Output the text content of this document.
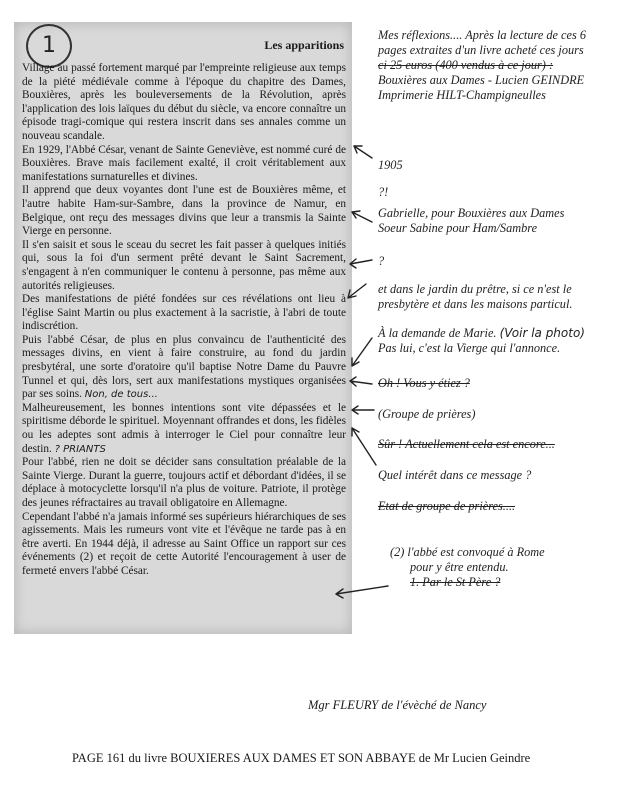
1	Les apparitions

Village au passé fortement marqué par l'empreinte religieuse aux temps de la piété médiévale comme à l'époque du chapitre des Dames, Bouxières, après les bouleversements de la Révolution, après l'application des lois laïques du début du siècle, va encore connaître un épisode tragi-comique qui restera inscrit dans ses annales comme un nouveau scandale.

En 1929, l'Abbé César, venant de Sainte Geneviève, est nommé curé de Bouxières. Brave mais facilement exalté, il croit véritablement aux manifestations surnaturelles et divines.

Il apprend que deux voyantes dont l'une est de Bouxières même, et l'autre habite Ham-sur-Sambre, dans la province de Namur, en Belgique, ont reçu des messages divins que leur a transmis la Sainte Vierge en personne.

Il s'en saisit et sous le sceau du secret les fait passer à quelques initiés qui, sous la foi d'un serment prêté devant le Saint Sacrement, s'engagent à n'en communiquer le contenu à personne, pas même aux autorités religieuses.

Des manifestations de piété fondées sur ces révélations ont lieu à l'église Saint Martin ou plus exactement à la sacristie, à l'abri de toute indiscrétion.

Puis l'abbé César, de plus en plus convaincu de l'authenticité des messages divins, en vient à faire construire, au fond du jardin presbytéral, une sorte d'oratoire qu'il baptise Notre Dame du Pauvre Tunnel et qui, dès lors, sert aux manifestations mystiques organisées par ses soins. Non, de tous...

Malheureusement, les bonnes intentions sont vite dépassées et le spiritisme déborde le spirituel. Moyennant offrandes et dons, les fidèles ou les adeptes sont admis à interroger le Ciel pour connaître leur destin. ? PRIANTS

Pour l'abbé, rien ne doit se décider sans consultation préalable de la Sainte Vierge. Durant la guerre, toujours actif et débordant d'idées, il se déplace à motocyclette lorsqu'il n'a plus de voiture. Patriote, il protège des jeunes réfractaires au travail obligatoire en Allemagne.

Cependant l'abbé n'a jamais informé ses supérieurs hiérarchiques de ses agissements. Mais les rumeurs vont vite et l'évêque ne tarde pas à en être averti. En 1944 déjà, il adresse au Saint Office un rapport sur ces événements (2) et reçoit de cette Autorité l'encouragement à user de fermeté envers l'abbé César.

Mes réflexions.... Après la lecture de ces 6
pages extraites d'un livre acheté ces jours
ci 25 euros (400 vendus à ce jour) :
Bouxières aux Dames - Lucien GEINDRE
Imprimerie HILT-Champigneulles
1905
?!
Gabrielle, pour Bouxières aux Dames
Soeur Sabine pour Ham/Sambre
?
et dans le jardin du prêtre, si ce n'est le
presbytère et dans les maisons particul.
À la demande de Marie. (Voir la photo)
Pas lui, c'est la Vierge qui l'annonce.
Oh ! Vous y étiez ?
(Groupe de prières)
Sûr ! Actuellement cela est encore...
Quel intérêt dans ce message ?
Etat de groupe de prières....
(2) l'abbé est convoqué à Rome
pour y être entendu.
1. Par le St Père ?
Mgr FLEURY de l'évèché de Nancy
PAGE 161 du livre BOUXIERES AUX DAMES ET SON ABBAYE de Mr Lucien Geindre
